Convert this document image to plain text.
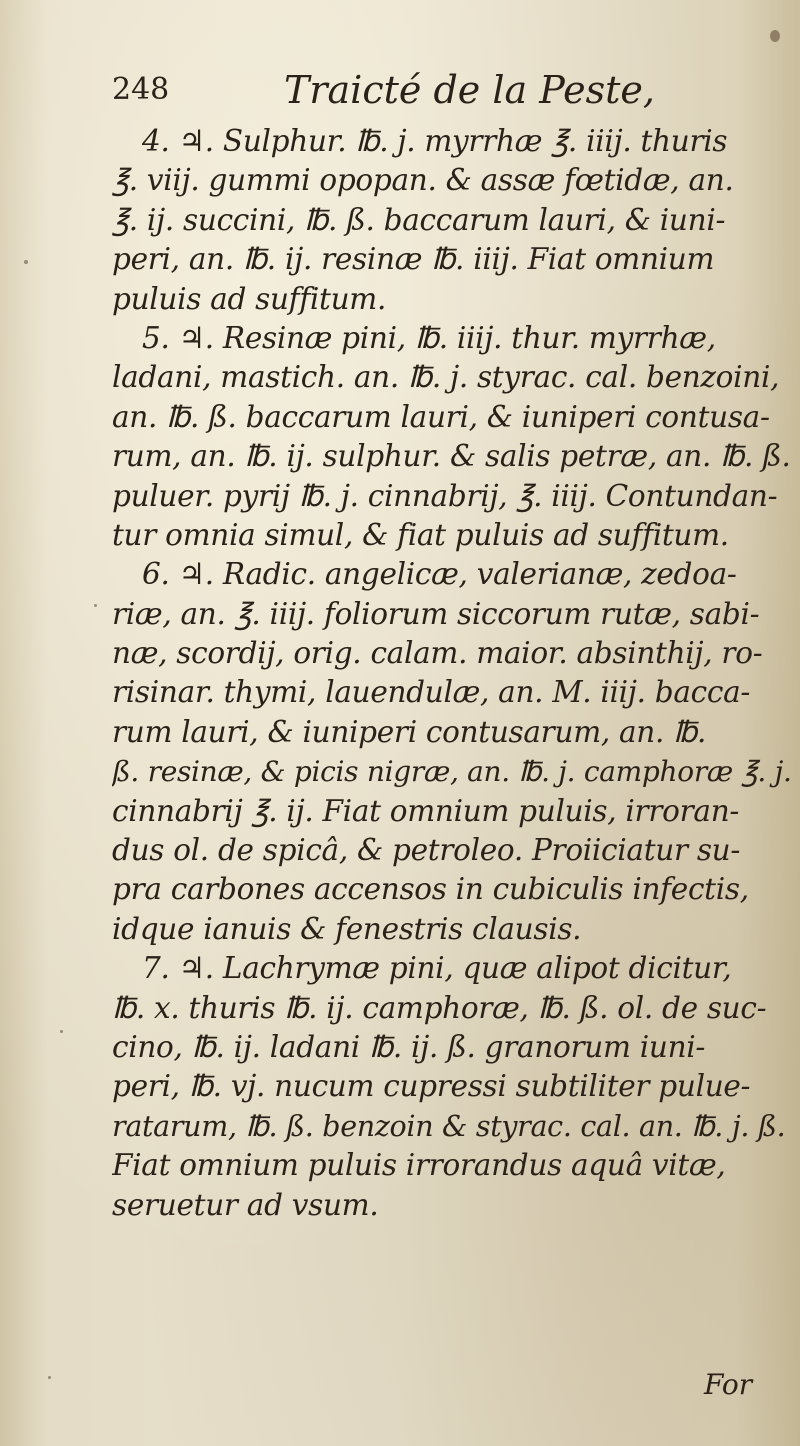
248	Traicté de la Peste,
4. ♃. Sulphur. ℔. j. myrrhæ ℥. iiij. thuris
℥. viij. gummi opopan. & assæ fœtidæ, an.
℥. ij. succini, ℔. ß. baccarum lauri, & iuni-
peri, an. ℔. ij. resinæ ℔. iiij. Fiat omnium
puluis ad suffitum.
5. ♃. Resinæ pini, ℔. iiij. thur. myrrhæ,
ladani, mastich. an. ℔. j. styrac. cal. benzoini,
an. ℔. ß. baccarum lauri, & iuniperi contusa-
rum, an. ℔. ij. sulphur. & salis petræ, an. ℔. ß.
puluer. pyrij ℔. j. cinnabrij, ℥. iiij. Contundan-
tur omnia simul, & fiat puluis ad suffitum.
6. ♃. Radic. angelicæ, valerianæ, zedoa-
riæ, an. ℥. iiij. foliorum siccorum rutæ, sabi-
næ, scordij, orig. calam. maior. absinthij, ro-
risinar. thymi, lauendulæ, an. M. iiij. bacca-
rum lauri, & iuniperi contusarum, an. ℔.
ß. resinæ, & picis nigræ, an. ℔. j. camphoræ ℥. j.
cinnabrij ℥. ij. Fiat omnium puluis, irroran-
dus ol. de spicâ, & petroleo. Proiiciatur su-
pra carbones accensos in cubiculis infectis,
idque ianuis & fenestris clausis.
7. ♃. Lachrymæ pini, quæ alipot dicitur,
℔. x. thuris ℔. ij. camphoræ, ℔. ß. ol. de suc-
cino, ℔. ij. ladani ℔. ij. ß. granorum iuni-
peri, ℔. vj. nucum cupressi subtiliter pulue-
ratarum, ℔. ß. benzoin & styrac. cal. an. ℔. j. ß.
Fiat omnium puluis irrorandus aquâ vitæ,
seruetur ad vsum.
For
